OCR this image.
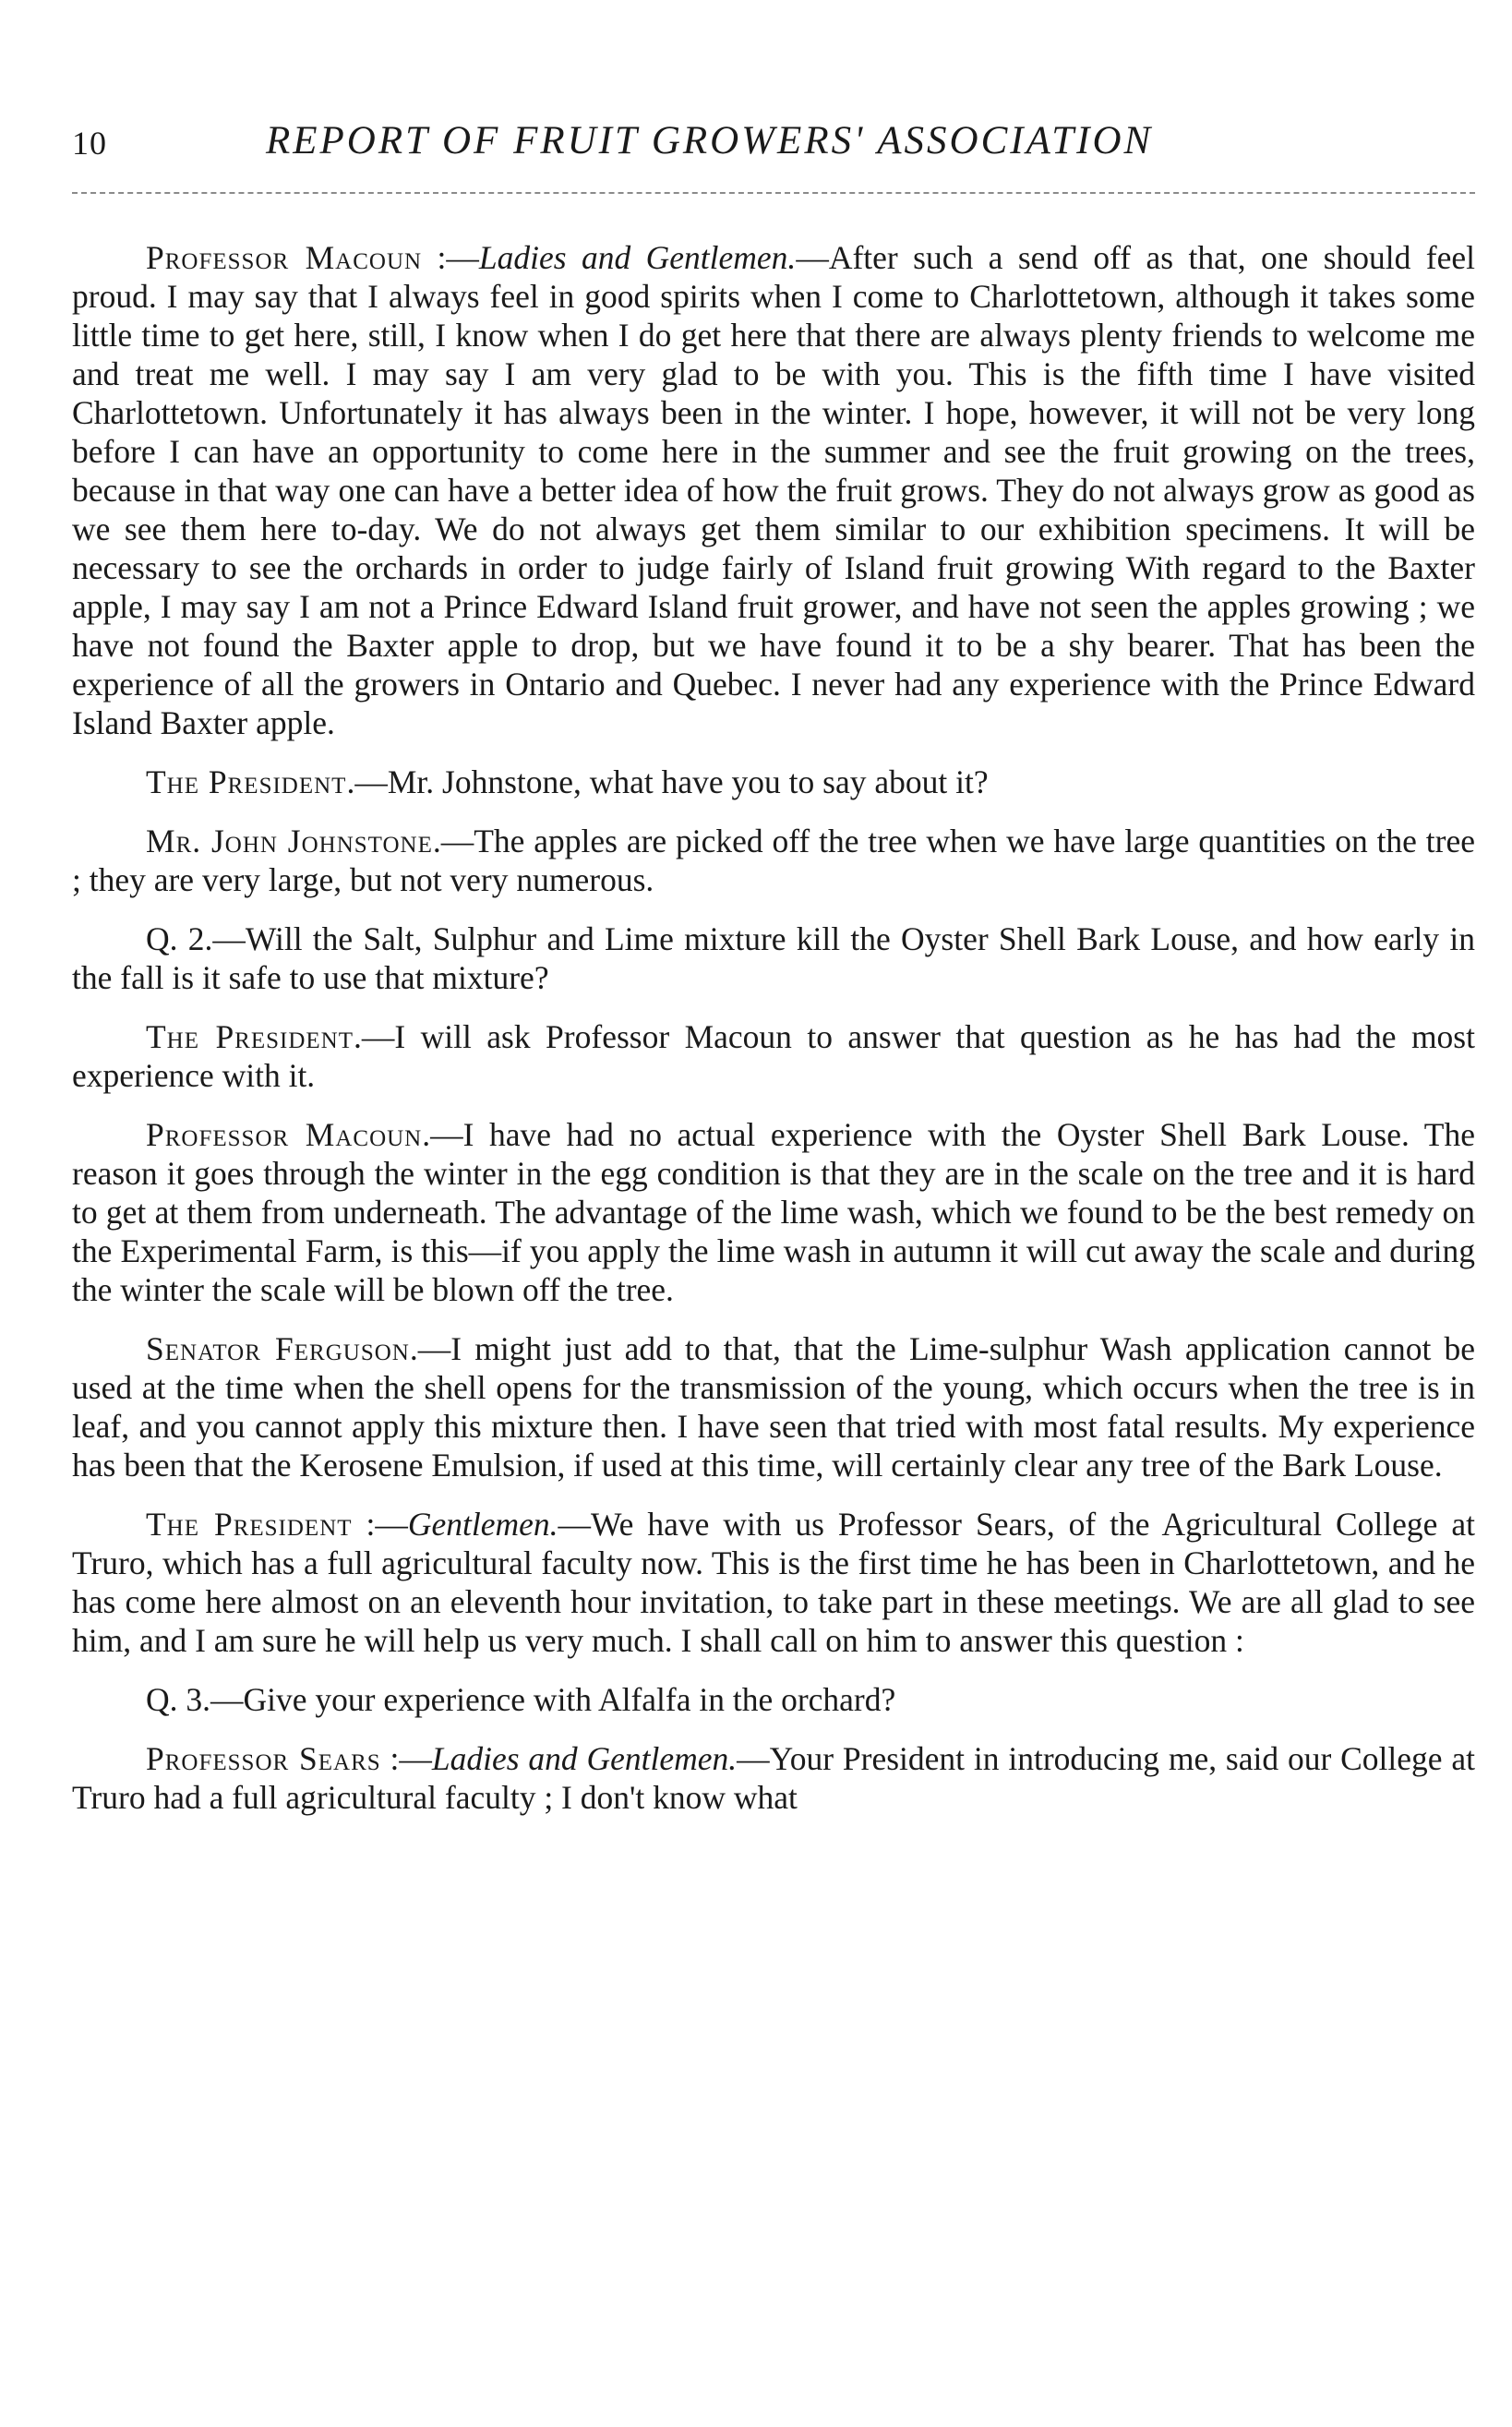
10	REPORT OF FRUIT GROWERS' ASSOCIATION

Professor Macoun :—Ladies and Gentlemen.—After such a send off as that, one should feel proud. I may say that I always feel in good spirits when I come to Charlottetown, although it takes some little time to get here, still, I know when I do get here that there are always plenty friends to welcome me and treat me well. I may say I am very glad to be with you. This is the fifth time I have visited Charlottetown. Unfortunately it has always been in the winter. I hope, however, it will not be very long before I can have an opportunity to come here in the summer and see the fruit growing on the trees, because in that way one can have a better idea of how the fruit grows. They do not always grow as good as we see them here to-day. We do not always get them similar to our exhibition specimens. It will be necessary to see the orchards in order to judge fairly of Island fruit growing With regard to the Baxter apple, I may say I am not a Prince Edward Island fruit grower, and have not seen the apples growing ; we have not found the Baxter apple to drop, but we have found it to be a shy bearer. That has been the experience of all the growers in Ontario and Quebec. I never had any experience with the Prince Edward Island Baxter apple.

The President.—Mr. Johnstone, what have you to say about it?

Mr. John Johnstone.—The apples are picked off the tree when we have large quantities on the tree ; they are very large, but not very numerous.

Q. 2.—Will the Salt, Sulphur and Lime mixture kill the Oyster Shell Bark Louse, and how early in the fall is it safe to use that mixture?

The President.—I will ask Professor Macoun to answer that question as he has had the most experience with it.

Professor Macoun.—I have had no actual experience with the Oyster Shell Bark Louse. The reason it goes through the winter in the egg condition is that they are in the scale on the tree and it is hard to get at them from underneath. The advantage of the lime wash, which we found to be the best remedy on the Experimental Farm, is this—if you apply the lime wash in autumn it will cut away the scale and during the winter the scale will be blown off the tree.

Senator Ferguson.—I might just add to that, that the Lime-sulphur Wash application cannot be used at the time when the shell opens for the transmission of the young, which occurs when the tree is in leaf, and you cannot apply this mixture then. I have seen that tried with most fatal results. My experience has been that the Kerosene Emulsion, if used at this time, will certainly clear any tree of the Bark Louse.

The President :—Gentlemen.—We have with us Professor Sears, of the Agricultural College at Truro, which has a full agricultural faculty now. This is the first time he has been in Charlottetown, and he has come here almost on an eleventh hour invitation, to take part in these meetings. We are all glad to see him, and I am sure he will help us very much. I shall call on him to answer this question :

Q. 3.—Give your experience with Alfalfa in the orchard?

Professor Sears :—Ladies and Gentlemen.—Your President in introducing me, said our College at Truro had a full agricultural faculty ; I don't know what
